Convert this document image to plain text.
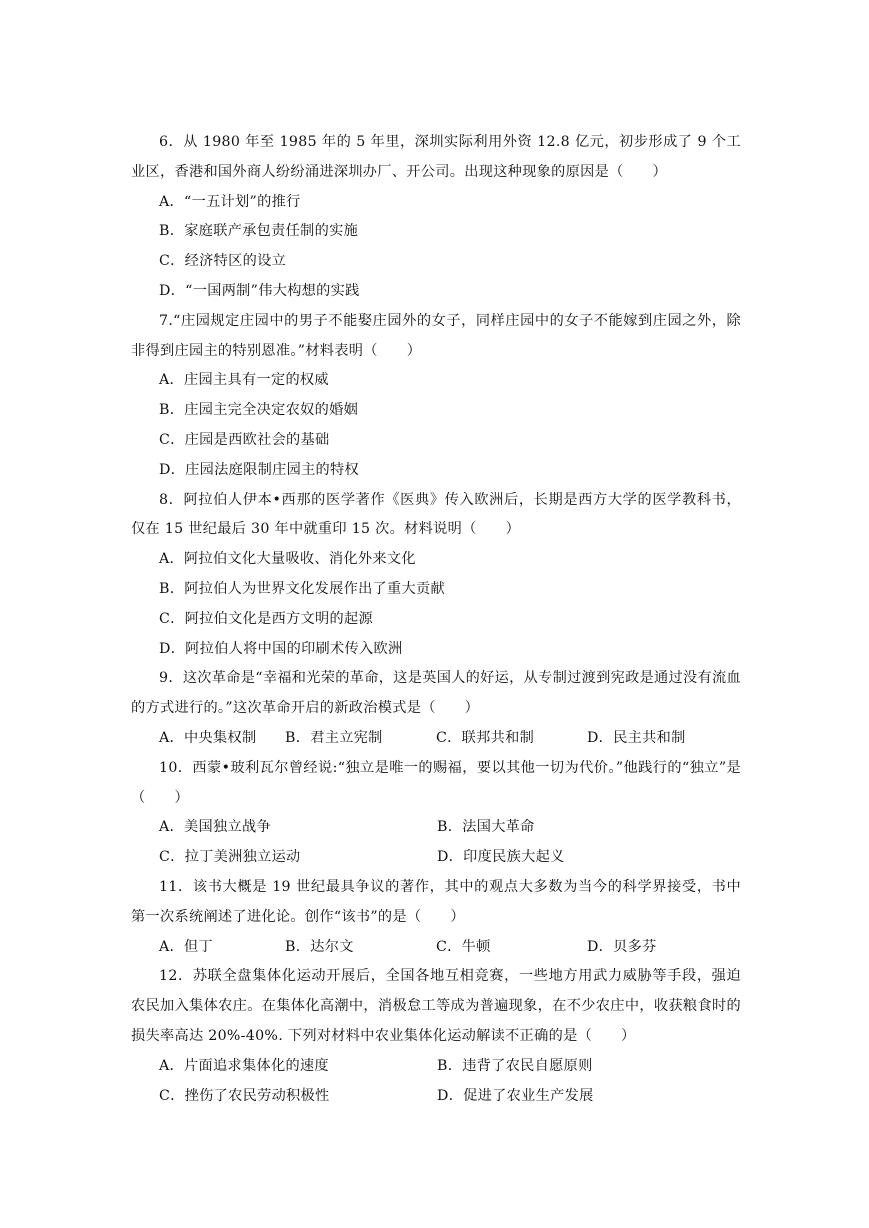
6．从 1980 年至 1985 年的 5 年里，深圳实际利用外资 12.8 亿元，初步形成了 9 个工业区，香港和国外商人纷纷涌进深圳办厂、开公司。出现这种现象的原因是（　　）

A．“一五计划”的推行

B．家庭联产承包责任制的实施

C．经济特区的设立

D．“一国两制”伟大构想的实践

7.“庄园规定庄园中的男子不能娶庄园外的女子，同样庄园中的女子不能嫁到庄园之外，除非得到庄园主的特别恩准。”材料表明（　　）

A．庄园主具有一定的权威

B．庄园主完全决定农奴的婚姻

C．庄园是西欧社会的基础

D．庄园法庭限制庄园主的特权

8．阿拉伯人伊本•西那的医学著作《医典》传入欧洲后，长期是西方大学的医学教科书，仅在 15 世纪最后 30 年中就重印 15 次。材料说明（　　）

A．阿拉伯文化大量吸收、消化外来文化

B．阿拉伯人为世界文化发展作出了重大贡献

C．阿拉伯文化是西方文明的起源

D．阿拉伯人将中国的印刷术传入欧洲

9．这次革命是“幸福和光荣的革命，这是英国人的好运，从专制过渡到宪政是通过没有流血的方式进行的。”这次革命开启的新政治模式是（　　）

A．中央集权制	B．君主立宪制	C．联邦共和制	D．民主共和制

10．西蒙•玻利瓦尔曾经说:“独立是唯一的赐福，要以其他一切为代价。”他践行的“独立”是（　　）

A．美国独立战争	B．法国大革命
C．拉丁美洲独立运动	D．印度民族大起义

11．该书大概是 19 世纪最具争议的著作，其中的观点大多数为当今的科学界接受，书中第一次系统阐述了进化论。创作“该书”的是（　　）

A．但丁	B．达尔文	C．牛顿	D．贝多芬

12．苏联全盘集体化运动开展后，全国各地互相竞赛，一些地方用武力威胁等手段，强迫农民加入集体农庄。在集体化高潮中，消极怠工等成为普遍现象，在不少农庄中，收获粮食时的损失率高达 20%-40%. 下列对材料中农业集体化运动解读不正确的是（　　）

A．片面追求集体化的速度	B．违背了农民自愿原则
C．挫伤了农民劳动积极性	D．促进了农业生产发展
